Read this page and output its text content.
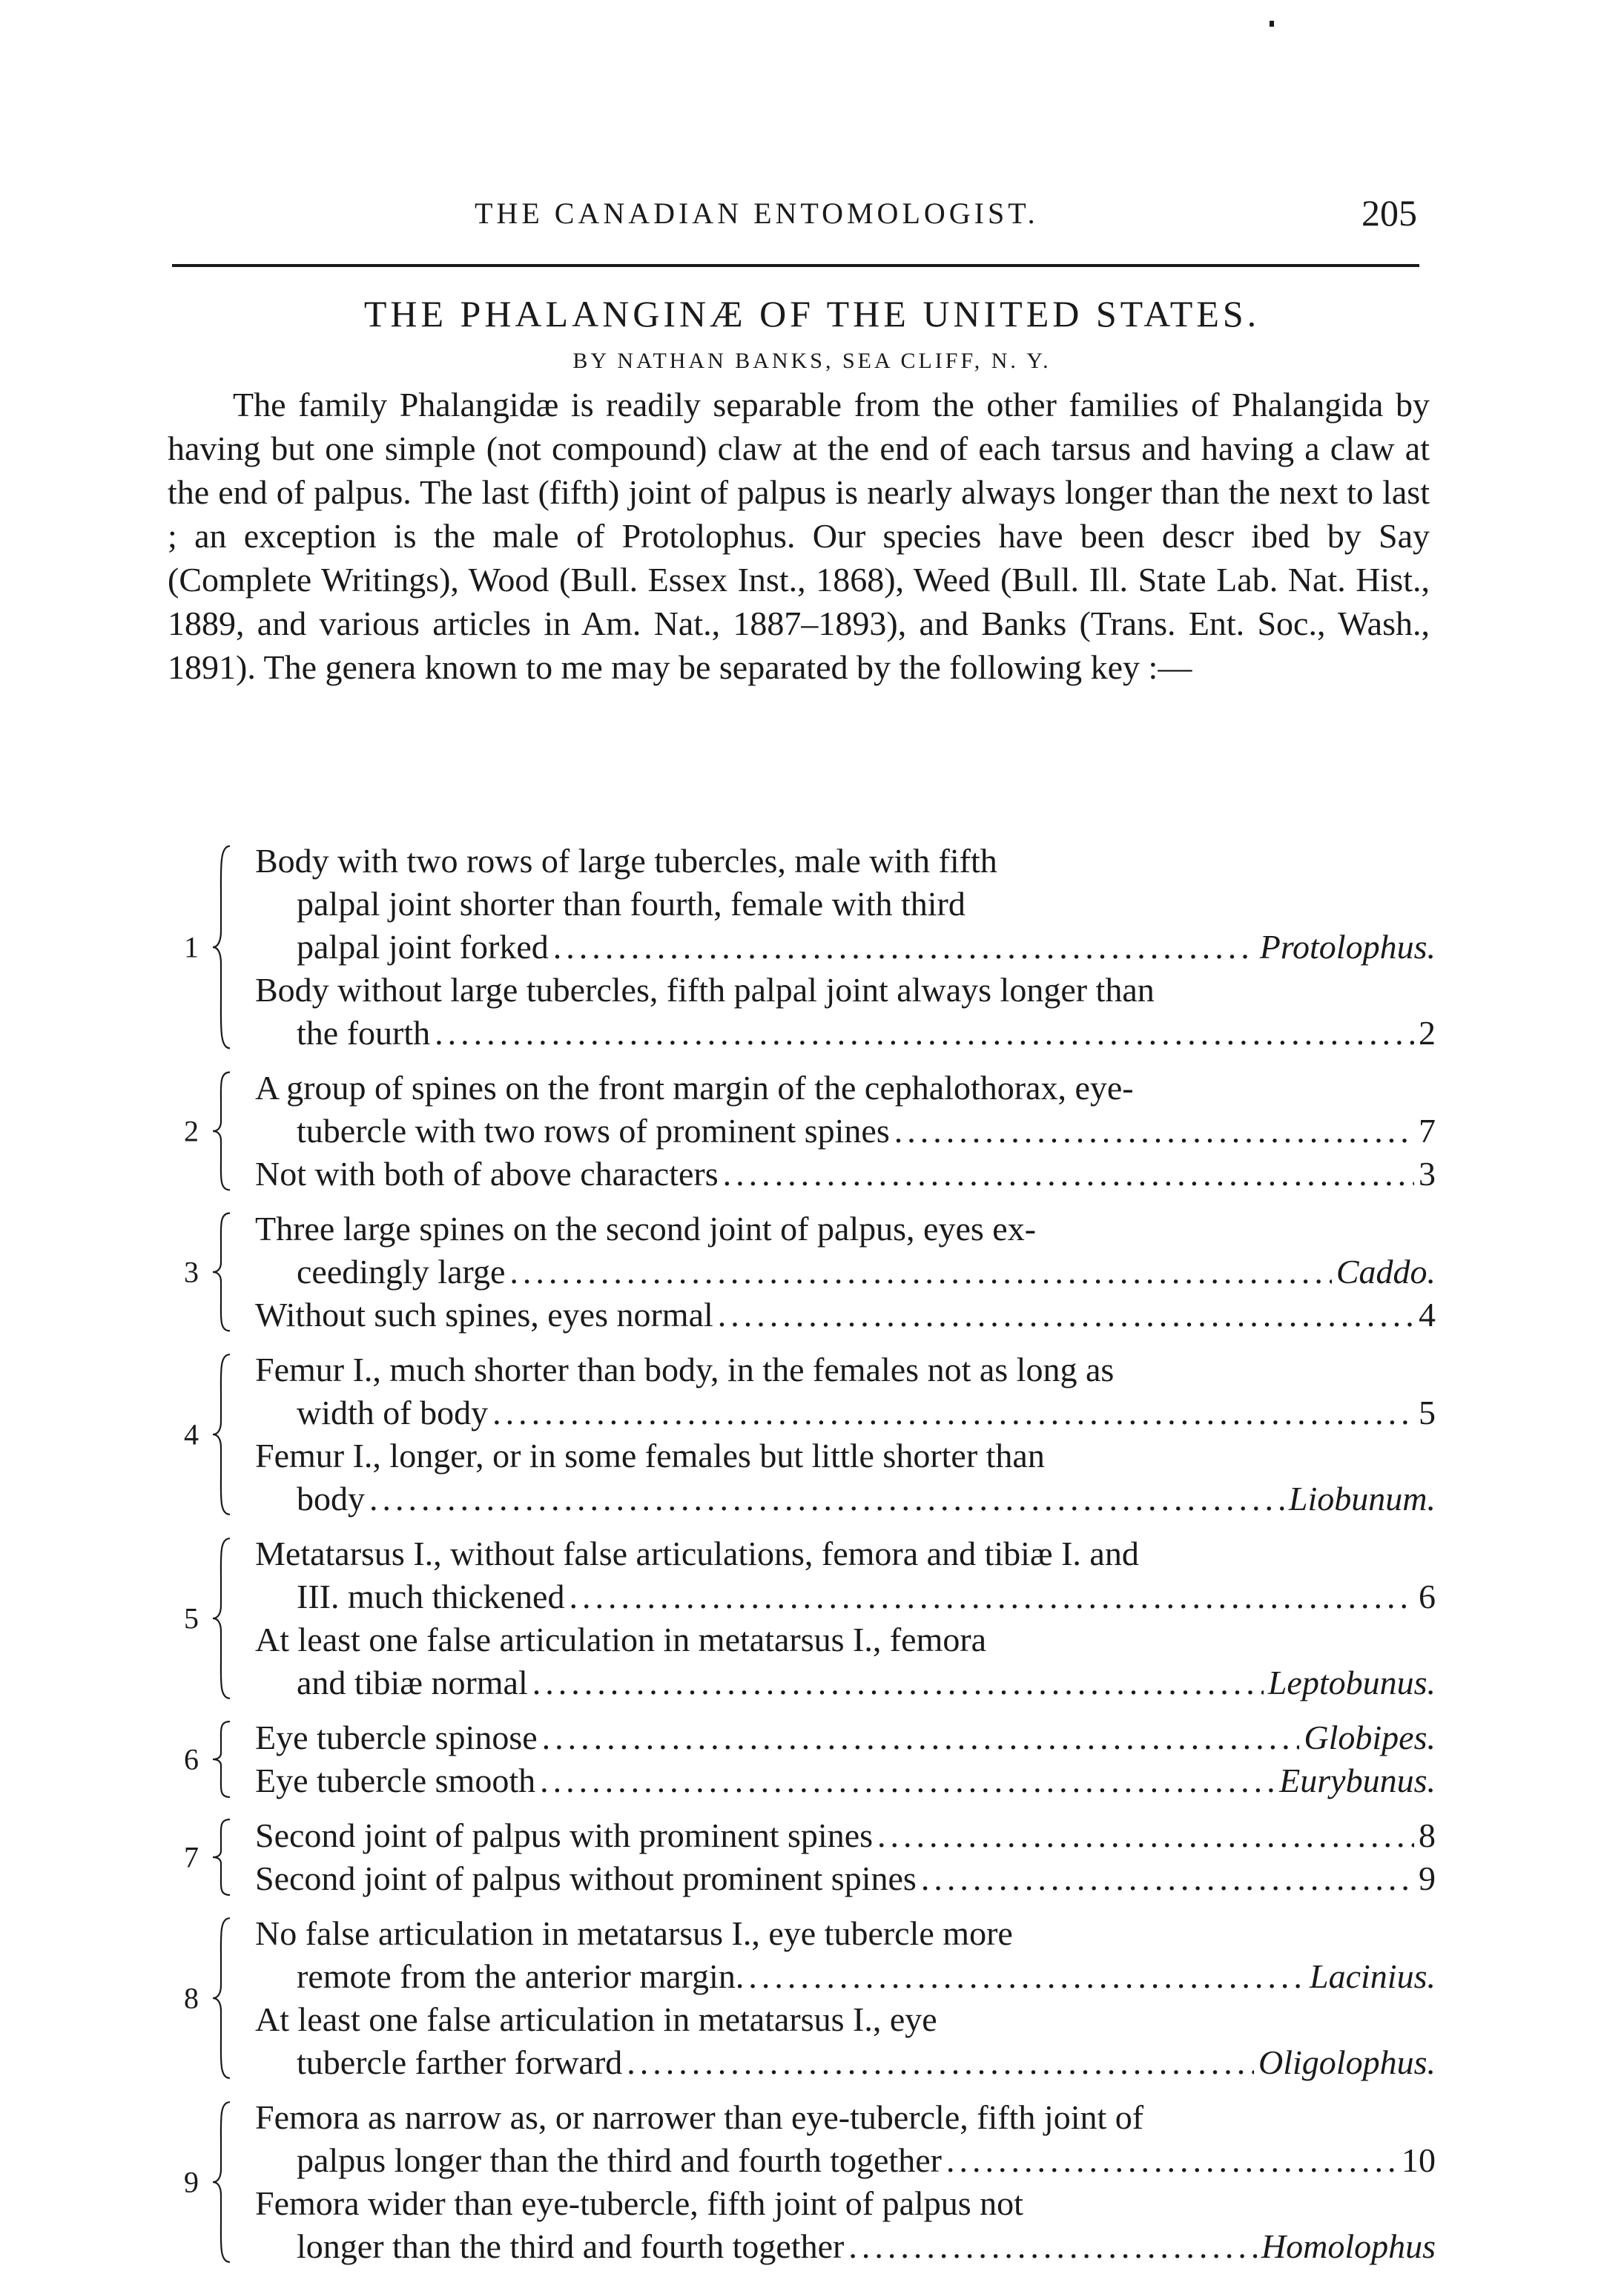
THE CANADIAN ENTOMOLOGIST.	205
THE PHALANGINÆ OF THE UNITED STATES.
BY NATHAN BANKS, SEA CLIFF, N. Y.

The family Phalangidæ is readily separable from the other families of Phalangida by having but one simple (not compound) claw at the end of each tarsus and having a claw at the end of palpus. The last (fifth) joint of palpus is nearly always longer than the next to last ; an exception is the male of Protolophus. Our species have been descr ibed by Say (Complete Writings), Wood (Bull. Essex Inst., 1868), Weed (Bull. Ill. State Lab. Nat. Hist., 1889, and various articles in Am. Nat., 1887–1893), and Banks (Trans. Ent. Soc., Wash., 1891). The genera known to me may be separated by the following key :—

1
Body with two rows of large tubercles, male with fifth
palpal joint shorter than fourth, female with third
palpal joint forked .....	Protolophus.
Body without large tubercles, fifth palpal joint always longer than
the fourth .....	2
2
A group of spines on the front margin of the cephalothorax, eye-
tubercle with two rows of prominent spines .....	7
Not with both of above characters .....	3
3
Three large spines on the second joint of palpus, eyes ex-
ceedingly large .....	Caddo.
Without such spines, eyes normal .....	4
4
Femur I., much shorter than body, in the females not as long as
width of body .....	5
Femur I., longer, or in some females but little shorter than
body .....	Liobunum.
5
Metatarsus I., without false articulations, femora and tibiæ I. and
III. much thickened .....	6
At least one false articulation in metatarsus I., femora
and tibiæ normal .....	Leptobunus.
6
Eye tubercle spinose .....	Globipes.
Eye tubercle smooth .....	Eurybunus.
7
Second joint of palpus with prominent spines .....	8
Second joint of palpus without prominent spines .....	9
8
No false articulation in metatarsus I., eye tubercle more
remote from the anterior margin. .....	Lacinius.
At least one false articulation in metatarsus I., eye
tubercle farther forward .....	Oligolophus.
9
Femora as narrow as, or narrower than eye-tubercle, fifth joint of
palpus longer than the third and fourth together .....	10
Femora wider than eye-tubercle, fifth joint of palpus not
longer than the third and fourth together .....	Homolophus
